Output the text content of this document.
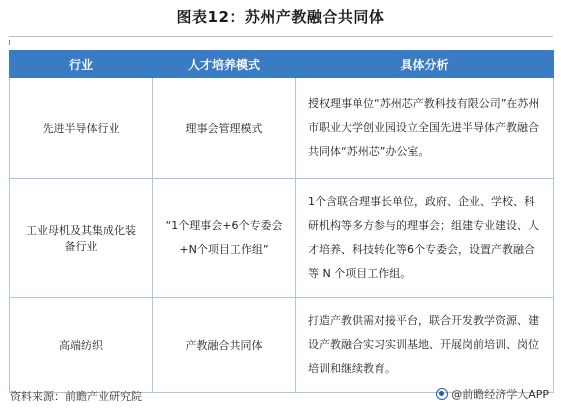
图表12：苏州产教融合共同体
行业	人才培养模式	具体分析
先进半导体行业	理事会管理模式	授权理事单位“苏州芯产教科技有限公司”在苏州市职业大学创业园设立全国先进半导体产教融合共同体“苏州芯”办公室。
工业母机及其集成化装备行业	“1个理事会+6个专委会+N个项目工作组”	1个含联合理事长单位，政府、企业、学校、科研机构等多方参与的理事会；组建专业建设、人才培养、科技转化等6个专委会，设置产教融合等 N 个项目工作组。
高端纺织	产教融合共同体	打造产教供需对接平台，联合开发教学资源、建设产教融合实习实训基地、开展岗前培训、岗位培训和继续教育。
资料来源：前瞻产业研究院	@前瞻经济学人APP
